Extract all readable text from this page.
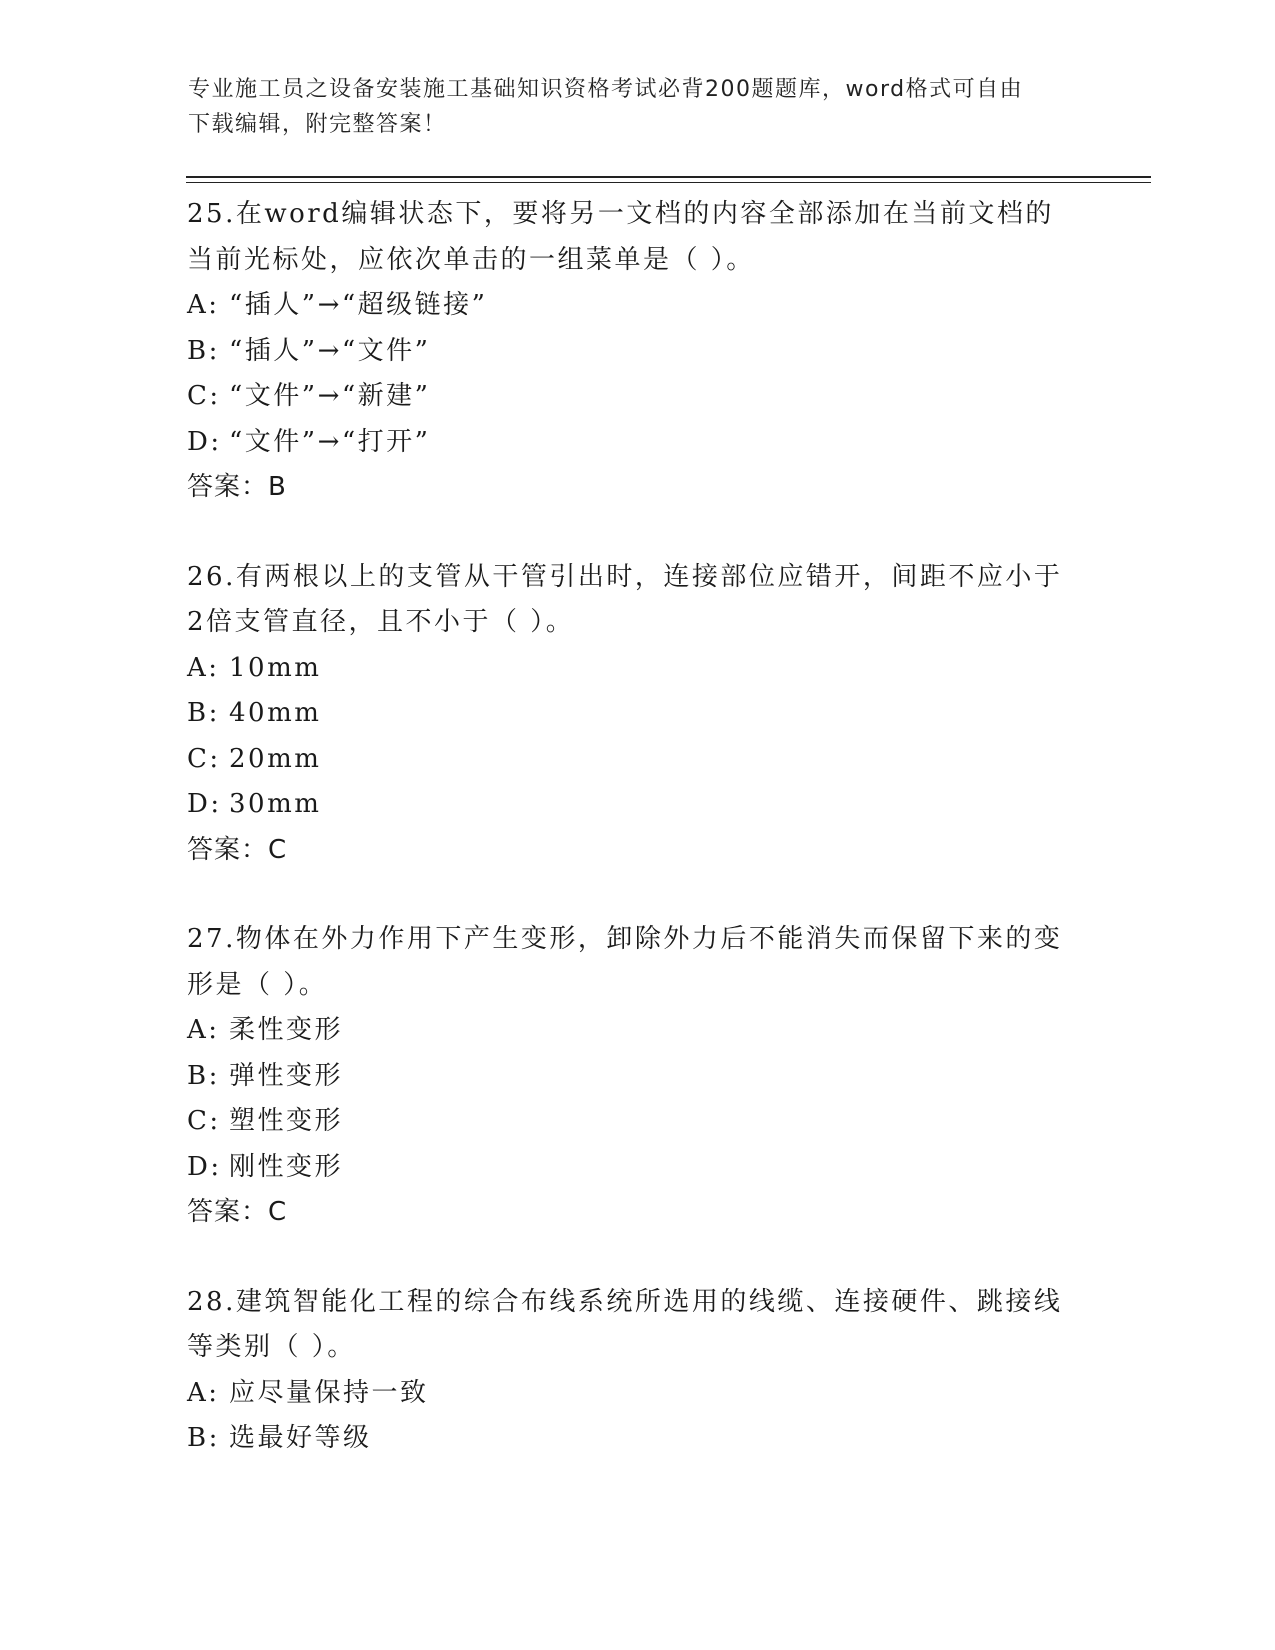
专业施工员之设备安装施工基础知识资格考试必背200题题库，word格式可自由
下载编辑，附完整答案！

25.在word编辑状态下，要将另一文档的内容全部添加在当前文档的

当前光标处，应依次单击的一组菜单是（ ）。

A: “插人”→“超级链接”

B: “插人”→“文件”

C: “文件”→“新建”

D: “文件”→“打开”

答案：B

26.有两根以上的支管从干管引出时，连接部位应错开，间距不应小于

2倍支管直径，且不小于（ ）。

A: 10mm

B: 40mm

C: 20mm

D: 30mm

答案：C

27.物体在外力作用下产生变形，卸除外力后不能消失而保留下来的变

形是（ ）。

A: 柔性变形

B: 弹性变形

C: 塑性变形

D: 刚性变形

答案：C

28.建筑智能化工程的综合布线系统所选用的线缆、连接硬件、跳接线

等类别（ ）。

A: 应尽量保持一致

B: 选最好等级
